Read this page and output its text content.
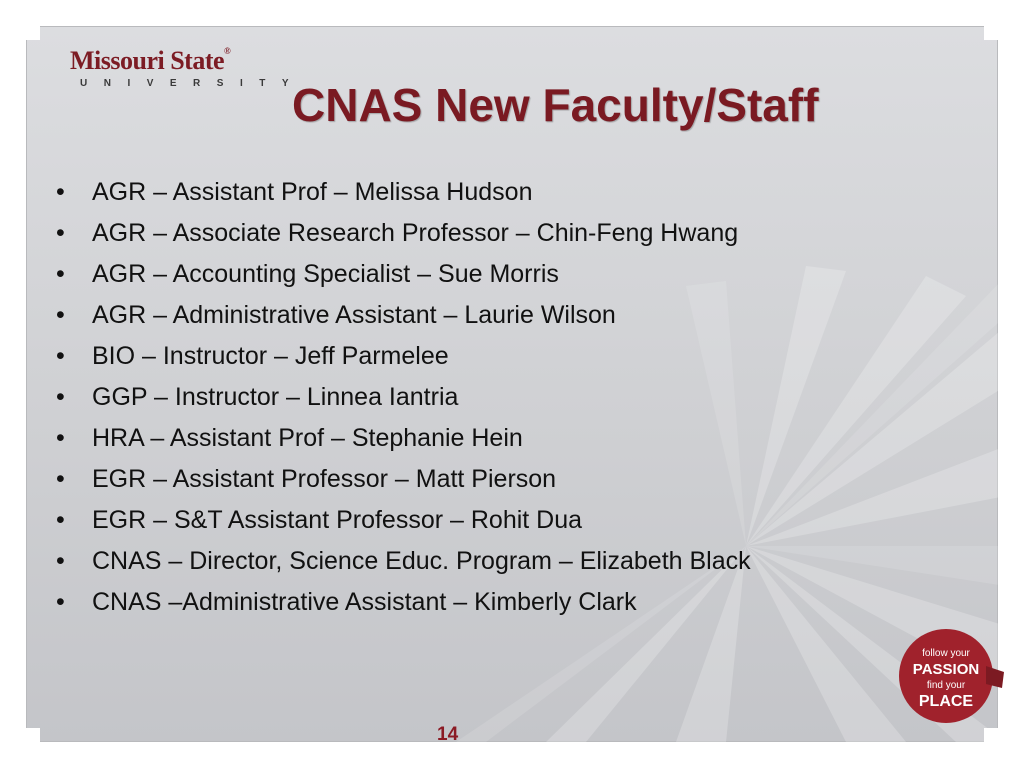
Missouri State®
UNIVERSITY
CNAS New Faculty/Staff
•	AGR – Assistant Prof – Melissa Hudson
•	AGR – Associate Research Professor – Chin-Feng Hwang
•	AGR – Accounting Specialist – Sue Morris
•	AGR – Administrative Assistant – Laurie Wilson
•	BIO – Instructor – Jeff Parmelee
•	GGP – Instructor – Linnea Iantria
•	HRA – Assistant Prof – Stephanie Hein
•	EGR – Assistant Professor – Matt Pierson
•	EGR – S&T Assistant Professor – Rohit Dua
•	CNAS – Director, Science Educ. Program – Elizabeth Black
•	CNAS –Administrative Assistant – Kimberly Clark
follow your
PASSION
find your
PLACE
14
